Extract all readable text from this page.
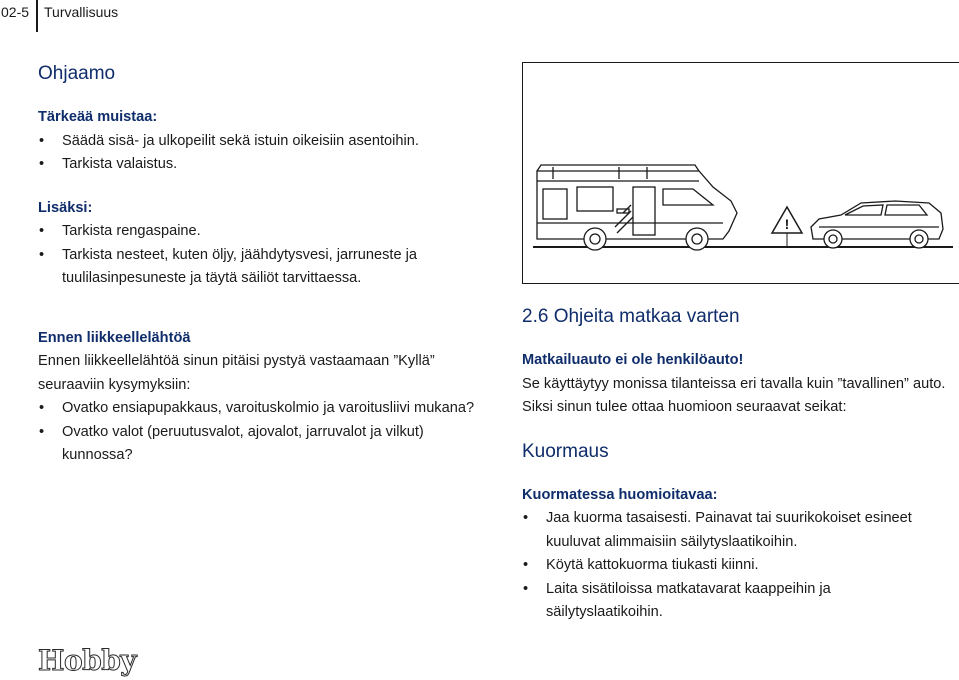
02-5 Turvallisuus
Ohjaamo

Tärkeää muistaa:

• Säädä sisä- ja ulkopeilit sekä istuin oikeisiin asentoihin.
• Tarkista valaistus.

Lisäksi:

• Tarkista rengaspaine.
• Tarkista nesteet, kuten öljy, jäähdytysvesi, jarruneste ja tuulilasinpesuneste ja täytä säiliöt tarvittaessa.

Ennen liikkeellelähtöä

Ennen liikkeellelähtöä sinun pitäisi pystyä vastaamaan ”Kyllä” seuraaviin kysymyksiin:

• Ovatko ensiapupakkaus, varoituskolmio ja varoitusliivi mukana?
• Ovatko valot (peruutusvalot, ajovalot, jarruvalot ja vilkut) kunnossa?
!
2.6 Ohjeita matkaa varten

Matkailuauto ei ole henkilöauto!

Se käyttäytyy monissa tilanteissa eri tavalla kuin ”tavallinen” auto. Siksi sinun tulee ottaa huomioon seuraavat seikat:

Kuormaus

Kuormatessa huomioitavaa:

• Jaa kuorma tasaisesti. Painavat tai suurikokoiset esineet kuuluvat alimmaisiin säilytyslaatikoihin.
• Köytä kattokuorma tiukasti kiinni.
• Laita sisätiloissa matkatavarat kaappeihin ja säilytyslaatikoihin.
Hobby
